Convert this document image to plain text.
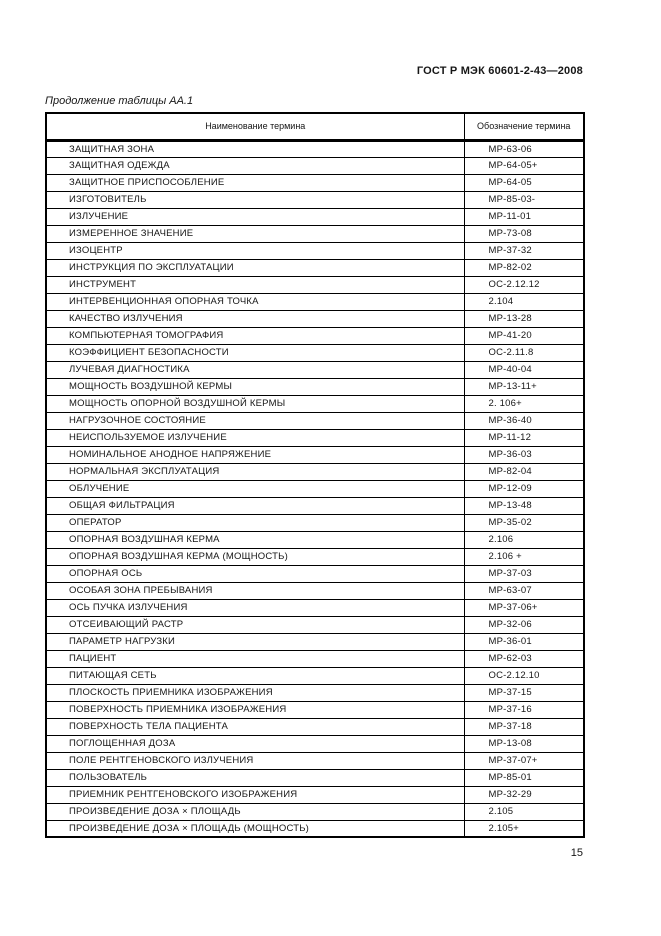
ГОСТ Р МЭК 60601-2-43—2008
Продолжение таблицы АА.1
Наименование термина	Обозначение термина
ЗАЩИТНАЯ ЗОНА	МР-63-06
ЗАЩИТНАЯ ОДЕЖДА	МР-64-05+
ЗАЩИТНОЕ ПРИСПОСОБЛЕНИЕ	МР-64-05
ИЗГОТОВИТЕЛЬ	МР-85-03-
ИЗЛУЧЕНИЕ	МР-11-01
ИЗМЕРЕННОЕ ЗНАЧЕНИЕ	МР-73-08
ИЗОЦЕНТР	МР-37-32
ИНСТРУКЦИЯ ПО ЭКСПЛУАТАЦИИ	МР-82-02
ИНСТРУМЕНТ	ОС-2.12.12
ИНТЕРВЕНЦИОННАЯ ОПОРНАЯ ТОЧКА	2.104
КАЧЕСТВО ИЗЛУЧЕНИЯ	МР-13-28
КОМПЬЮТЕРНАЯ ТОМОГРАФИЯ	МР-41-20
КОЭФФИЦИЕНТ БЕЗОПАСНОСТИ	ОС-2.11.8
ЛУЧЕВАЯ ДИАГНОСТИКА	МР-40-04
МОЩНОСТЬ ВОЗДУШНОЙ КЕРМЫ	МР-13-11+
МОЩНОСТЬ ОПОРНОЙ ВОЗДУШНОЙ КЕРМЫ	2. 106+
НАГРУЗОЧНОЕ СОСТОЯНИЕ	МР-36-40
НЕИСПОЛЬЗУЕМОЕ ИЗЛУЧЕНИЕ	МР-11-12
НОМИНАЛЬНОЕ АНОДНОЕ НАПРЯЖЕНИЕ	МР-36-03
НОРМАЛЬНАЯ ЭКСПЛУАТАЦИЯ	МР-82-04
ОБЛУЧЕНИЕ	МР-12-09
ОБЩАЯ ФИЛЬТРАЦИЯ	МР-13-48
ОПЕРАТОР	МР-35-02
ОПОРНАЯ ВОЗДУШНАЯ КЕРМА	2.106
ОПОРНАЯ ВОЗДУШНАЯ КЕРМА (МОЩНОСТЬ)	2.106 +
ОПОРНАЯ ОСЬ	МР-37-03
ОСОБАЯ ЗОНА ПРЕБЫВАНИЯ	МР-63-07
ОСЬ ПУЧКА ИЗЛУЧЕНИЯ	МР-37-06+
ОТСЕИВАЮЩИЙ РАСТР	МР-32-06
ПАРАМЕТР НАГРУЗКИ	МР-36-01
ПАЦИЕНТ	МР-62-03
ПИТАЮЩАЯ СЕТЬ	ОС-2.12.10
ПЛОСКОСТЬ ПРИЕМНИКА ИЗОБРАЖЕНИЯ	МР-37-15
ПОВЕРХНОСТЬ ПРИЕМНИКА ИЗОБРАЖЕНИЯ	МР-37-16
ПОВЕРХНОСТЬ ТЕЛА ПАЦИЕНТА	МР-37-18
ПОГЛОЩЕННАЯ ДОЗА	МР-13-08
ПОЛЕ РЕНТГЕНОВСКОГО ИЗЛУЧЕНИЯ	МР-37-07+
ПОЛЬЗОВАТЕЛЬ	МР-85-01
ПРИЕМНИК РЕНТГЕНОВСКОГО ИЗОБРАЖЕНИЯ	МР-32-29
ПРОИЗВЕДЕНИЕ ДОЗА × ПЛОЩАДЬ	2.105
ПРОИЗВЕДЕНИЕ ДОЗА × ПЛОЩАДЬ (МОЩНОСТЬ)	2.105+
15
